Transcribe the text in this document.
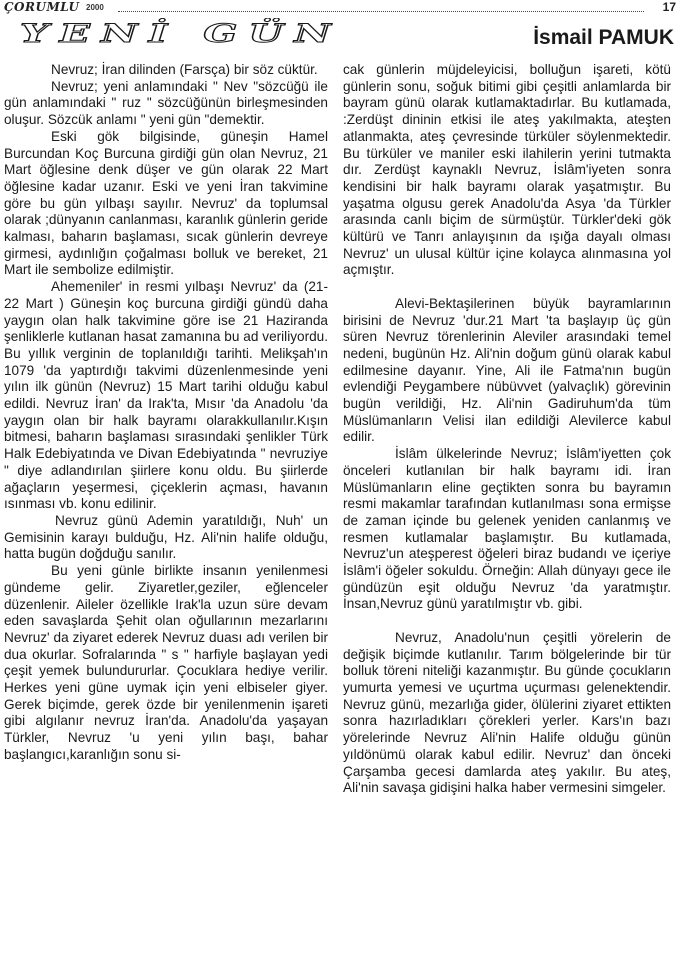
ÇORUMLU 2000	17
YENİ GÜN	İsmail PAMUK

Nevruz; İran dilinden (Farsça) bir söz cüktür.

Nevruz; yeni anlamındaki " Nev "sözcüğü ile gün anlamındaki " ruz " sözcüğünün birleşmesinden oluşur. Sözcük anlamı " yeni gün "demektir.

Eski gök bilgisinde, güneşin Hamel Burcundan Koç Burcuna girdiği gün olan Nevruz, 21 Mart öğlesine denk düşer ve gün olarak 22 Mart öğlesine kadar uzanır. Eski ve yeni İran takvimine göre bu gün yılbaşı sayılır. Nevruz' da toplumsal olarak ;dünyanın canlanması, karanlık günlerin geride kalması, baharın başlaması, sıcak günlerin devreye girmesi, aydınlığın çoğalması bolluk ve bereket, 21 Mart ile sembolize edilmiştir.

Ahemeniler' in resmi yılbaşı Nevruz' da (21-22 Mart ) Güneşin koç burcuna girdiği gündü daha yaygın olan halk takvimine göre ise 21 Haziranda şenliklerle kutlanan hasat zamanına bu ad veriliyordu. Bu yıllık verginin de toplanıldığı tarihti. Melikşah'ın 1079 'da yaptırdığı takvimi düzenlenmesinde yeni yılın ilk günün (Nevruz) 15 Mart tarihi olduğu kabul edildi. Nevruz İran' da Irak'ta, Mısır 'da Anadolu 'da yaygın olan bir halk bayramı olarakkullanılır.Kışın bitmesi, baharın başlaması sırasındaki şenlikler Türk Halk Edebiyatında ve Divan Edebiyatında " nevruziye " diye adlandırılan şiirlere konu oldu. Bu şiirlerde ağaçların yeşermesi, çiçeklerin açması, havanın ısınması vb. konu edilinir.

Nevruz günü Ademin yaratıldığı, Nuh' un Gemisinin karayı bulduğu, Hz. Ali'nin halife olduğu, hatta bugün doğduğu sanılır.

Bu yeni günle birlikte insanın yenilenmesi gündeme gelir. Ziyaretler,geziler, eğlenceler düzenlenir. Aileler özellikle Irak'la uzun süre devam eden savaşlarda Şehit olan oğullarının mezarlarını Nevruz' da ziyaret ederek Nevruz duası adı verilen bir dua okurlar. Sofralarında " s " harfiyle başlayan yedi çeşit yemek bulundururlar. Çocuklara hediye verilir. Herkes yeni güne uymak için yeni elbiseler giyer. Gerek biçimde, gerek özde bir yenilenmenin işareti gibi algılanır nevruz İran'da. Anadolu'da yaşayan Türkler, Nevruz 'u yeni yılın başı, bahar başlangıcı,karanlığın sonu si-

cak günlerin müjdeleyicisi, bolluğun işareti, kötü günlerin sonu, soğuk bitimi gibi çeşitli anlamlarda bir bayram günü olarak kutlamaktadırlar. Bu kutlamada, :Zerdüşt dininin etkisi ile ateş yakılmakta, ateşten atlanmakta, ateş çevresinde türküler söylenmektedir. Bu türküler ve maniler eski ilahilerin yerini tutmakta dır. Zerdüşt kaynaklı Nevruz, İslâm'iyeten sonra kendisini bir halk bayramı olarak yaşatmıştır. Bu yaşatma olgusu gerek Anadolu'da Asya 'da Türkler arasında canlı biçim de sürmüştür. Türkler'deki gök kültürü ve Tanrı anlayışının da ışığa dayalı olması Nevruz' un ulusal kültür içine kolayca alınmasına yol açmıştır.

Alevi-Bektaşilerinen büyük bayramlarının birisini de Nevruz 'dur.21 Mart 'ta başlayıp üç gün süren Nevruz törenlerinin Aleviler arasındaki temel nedeni, bugünün Hz. Ali'nin doğum günü olarak kabul edilmesine dayanır. Yine, Ali ile Fatma'nın bugün evlendiği Peygambere nübüvvet (yalvaçlık) görevinin bugün verildiği, Hz. Ali'nin Gadiruhum'da tüm Müslümanların Velisi ilan edildiği Alevilerce kabul edilir.

İslâm ülkelerinde Nevruz; İslâm'iyetten çok önceleri kutlanılan bir halk bayramı idi. İran Müslümanların eline geçtikten sonra bu bayramın resmi makamlar tarafından kutlanılması sona ermişse de zaman içinde bu gelenek yeniden canlanmış ve resmen kutlamalar başlamıştır. Bu kutlamada, Nevruz'un ateşperest öğeleri biraz budandı ve içeriye İslâm'i öğeler sokuldu. Örneğin: Allah dünyayı gece ile gündüzün eşit olduğu Nevruz 'da yaratmıştır. İnsan,Nevruz günü yaratılmıştır vb. gibi.

Nevruz, Anadolu'nun çeşitli yörelerin de değişik biçimde kutlanılır. Tarım bölgelerinde bir tür bolluk töreni niteliği kazanmıştır. Bu günde çocukların yumurta yemesi ve uçurtma uçurması gelenektendir. Nevruz günü, mezarlığa gider, ölülerini ziyaret ettikten sonra hazırladıkları çörekleri yerler. Kars'ın bazı yörelerinde Nevruz Ali'nin Halife olduğu günün yıldönümü olarak kabul edilir. Nevruz' dan önceki Çarşamba gecesi damlarda ateş yakılır. Bu ateş, Ali'nin savaşa gidişini halka haber vermesini simgeler.
